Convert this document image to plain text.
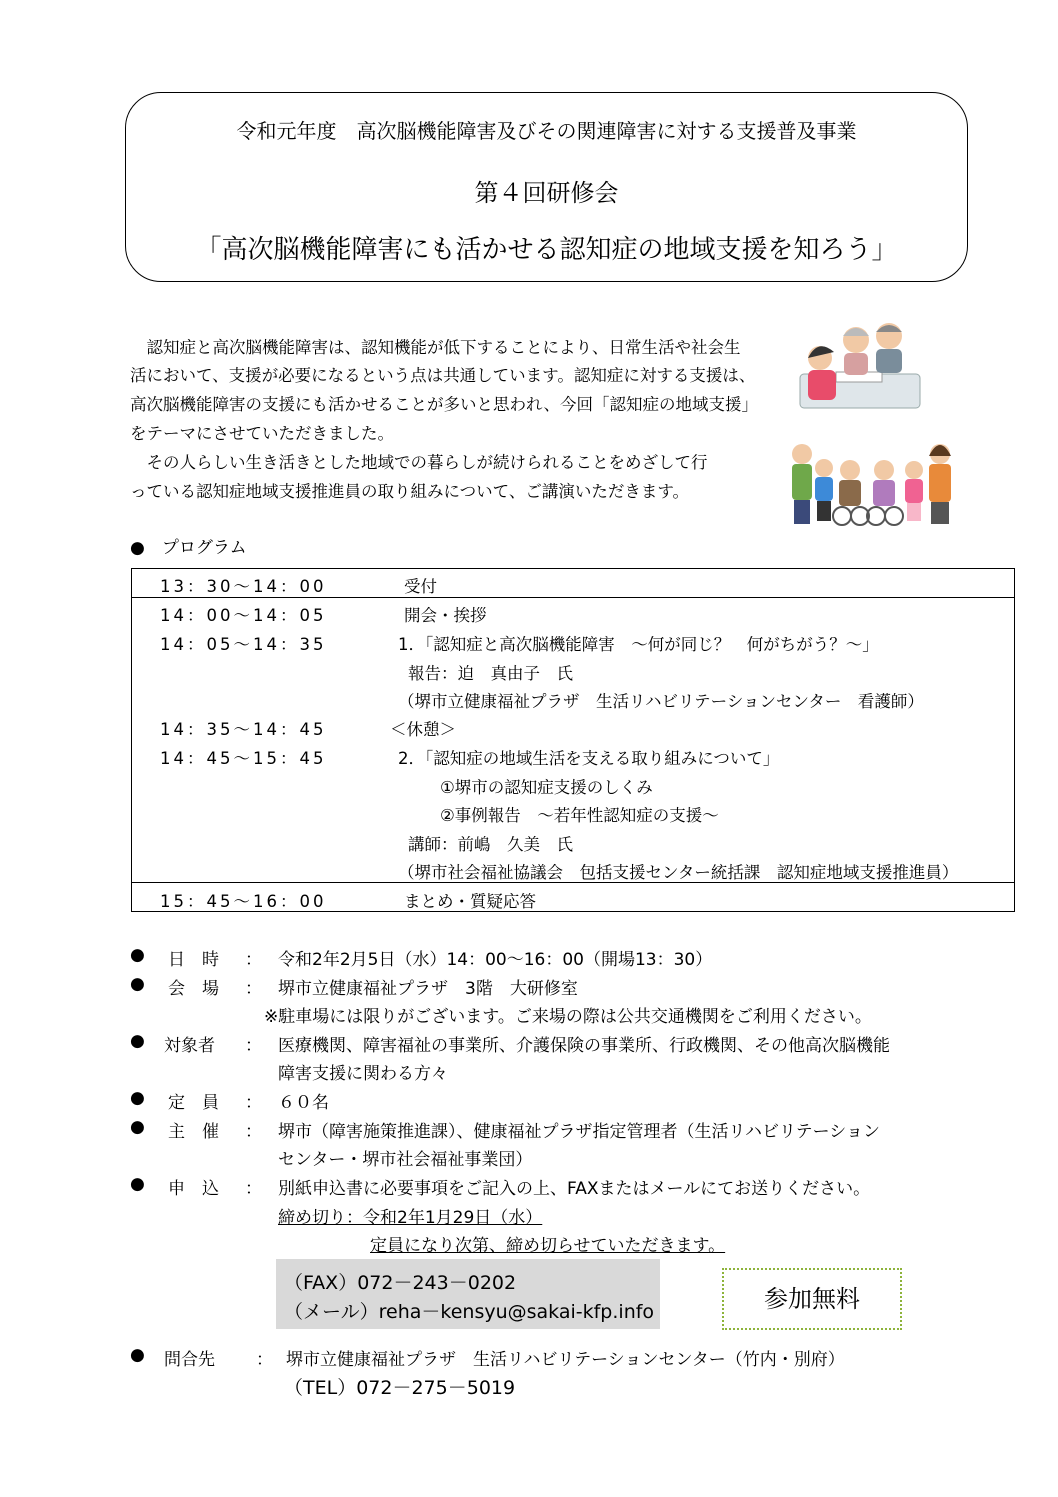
令和元年度　高次脳機能障害及びその関連障害に対する支援普及事業
第４回研修会
「高次脳機能障害にも活かせる認知症の地域支援を知ろう」
　認知症と高次脳機能障害は、認知機能が低下することにより、日常生活や社会生
活において、支援が必要になるという点は共通しています。認知症に対する支援は、
高次脳機能障害の支援にも活かせることが多いと思われ、今回「認知症の地域支援」
をテーマにさせていただきました。
　その人らしい生き活きとした地域での暮らしが続けられることをめざして行
っている認知症地域支援推進員の取り組みについて、ご講演いただきます。
●　プログラム
13：30～14：00	受付
14：00～14：05	開会・挨拶
14：05～14：35	1．「認知症と高次脳機能障害　～何が同じ？　何がちがう？～」
報告：迫　真由子　氏
（堺市立健康福祉プラザ　生活リハビリテーションセンター　看護師）
14：35～14：45	＜休憩＞
14：45～15：45	2．「認知症の地域生活を支える取り組みについて」
①堺市の認知症支援のしくみ
②事例報告　～若年性認知症の支援～
講師：前嶋　久美　氏
（堺市社会福祉協議会　包括支援センター統括課　認知症地域支援推進員）
15：45～16：00	まとめ・質疑応答
● 日　時 ： 令和2年2月5日（水）14：00～16：00（開場13：30）
● 会　場 ： 堺市立健康福祉プラザ　3階　大研修室
※駐車場には限りがございます。ご来場の際は公共交通機関をご利用ください。
● 対象者 ： 医療機関、障害福祉の事業所、介護保険の事業所、行政機関、その他高次脳機能
障害支援に関わる方々
● 定　員 ： ６０名
● 主　催 ： 堺市（障害施策推進課）、健康福祉プラザ指定管理者（生活リハビリテーション
センター・堺市社会福祉事業団）
● 申　込 ： 別紙申込書に必要事項をご記入の上、FAXまたはメールにてお送りください。
締め切り：令和2年1月29日（水）
定員になり次第、締め切らせていただきます。
（FAX）072－243－0202
（メール）reha－kensyu@sakai-kfp.info	参加無料
● 問合先 ： 堺市立健康福祉プラザ　生活リハビリテーションセンター（竹内・別府）
（TEL）072－275－5019
